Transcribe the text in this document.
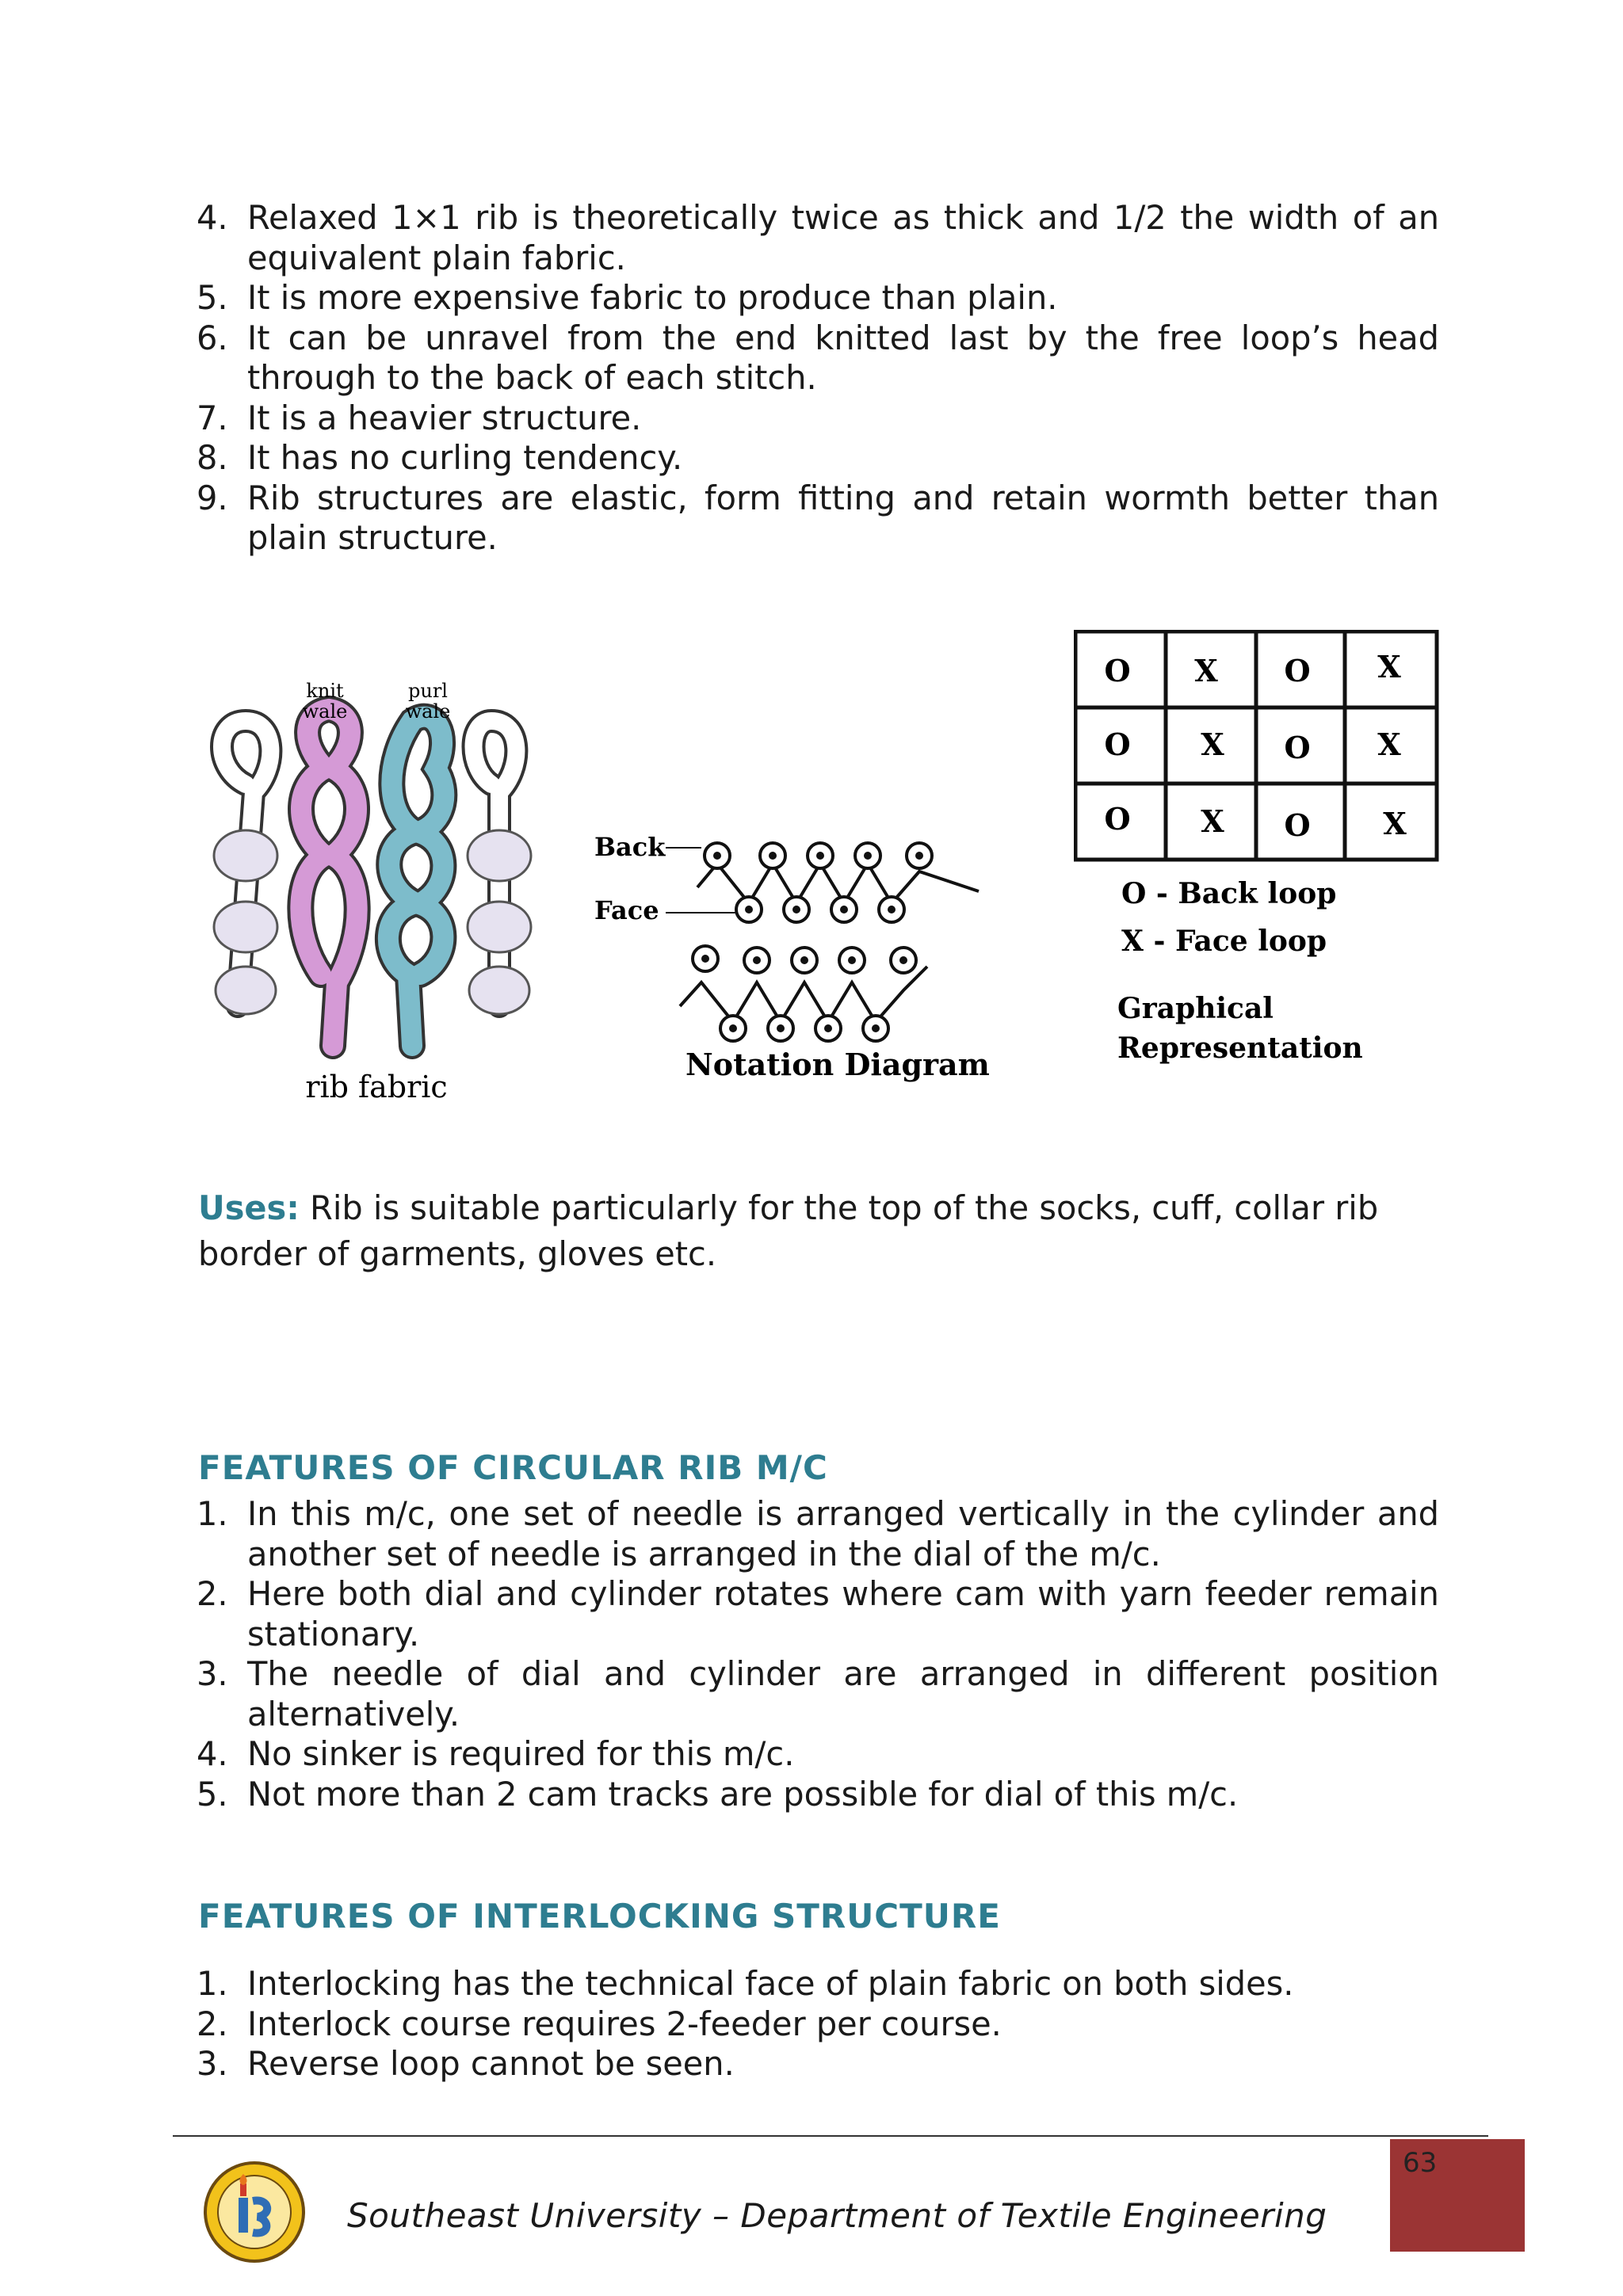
4. Relaxed 1×1 rib is theoretically twice as thick and 1/2 the width of an equivalent plain fabric.
5. It is more expensive fabric to produce than plain.
6. It can be unravel from the end knitted last by the free loop’s head through to the back of each stitch.
7. It is a heavier structure.
8. It has no curling tendency.
9. Rib structures are elastic, form fitting and retain wormth better than plain structure.
knit
wale
purl
wale
rib fabric
Back
Face
Notation Diagram
O X O X
O X O X
O X O X
O - Back loop
X - Face loop
Graphical
Representation
Uses: Rib is suitable particularly for the top of the socks, cuff, collar rib border of garments, gloves etc.
FEATURES OF CIRCULAR RIB M/C
1. In this m/c, one set of needle is arranged vertically in the cylinder and another set of needle is arranged in the dial of the m/c.
2. Here both dial and cylinder rotates where cam with yarn feeder remain stationary.
3. The needle of dial and cylinder are arranged in different position alternatively.
4. No sinker is required for this m/c.
5. Not more than 2 cam tracks are possible for dial of this m/c.
FEATURES OF INTERLOCKING STRUCTURE
1. Interlocking has the technical face of plain fabric on both sides.
2. Interlock course requires 2-feeder per course.
3. Reverse loop cannot be seen.
63
Southeast University – Department of Textile Engineering
